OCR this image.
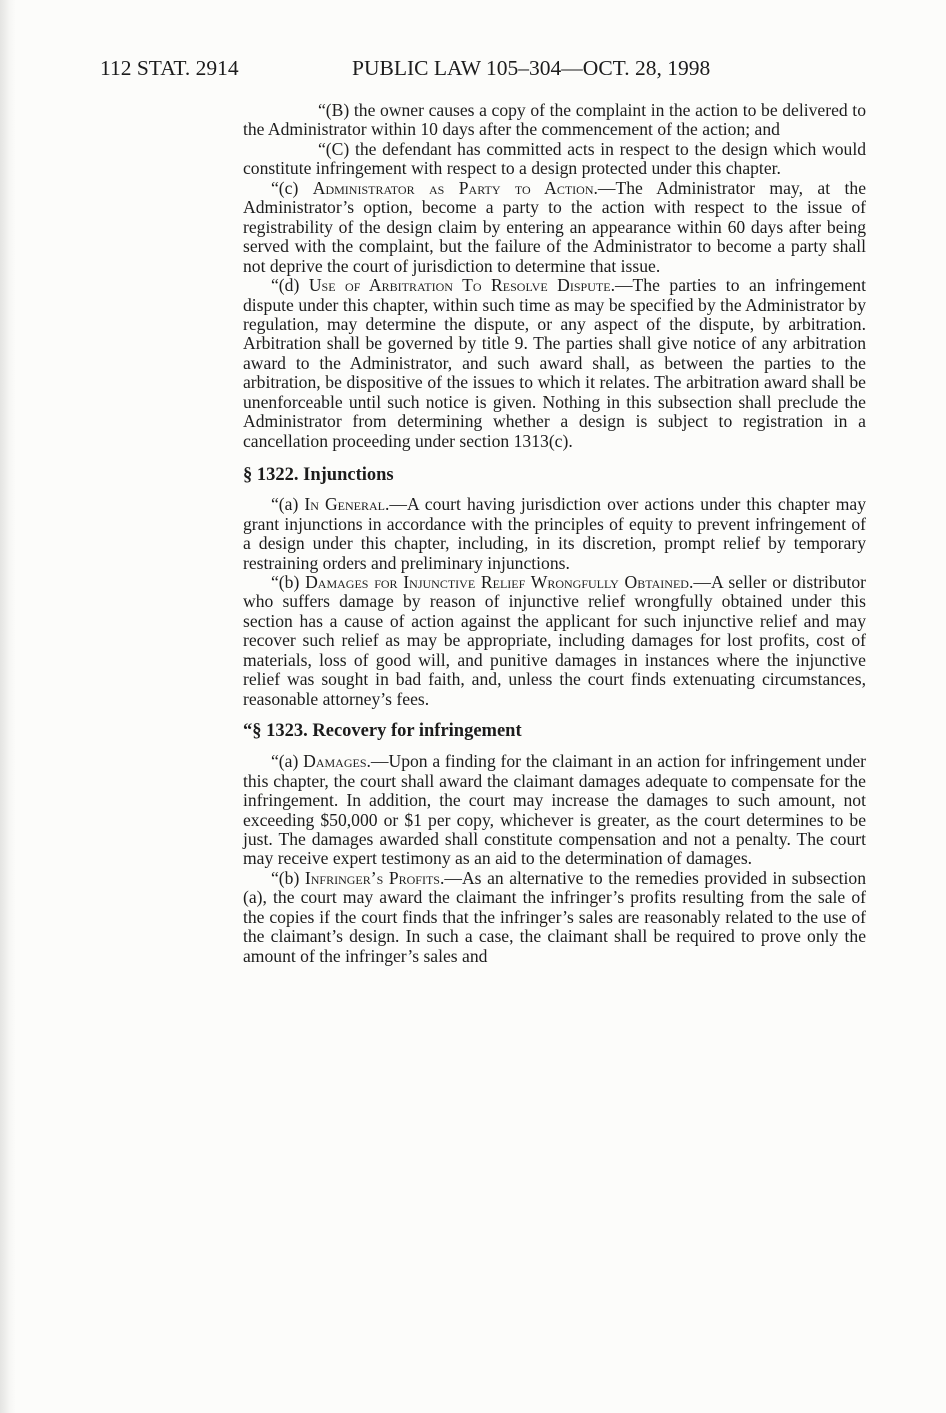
112 STAT. 2914	PUBLIC LAW 105–304—OCT. 28, 1998

“(B) the owner causes a copy of the complaint in the action to be delivered to the Administrator within 10 days after the commencement of the action; and

“(C) the defendant has committed acts in respect to the design which would constitute infringement with respect to a design protected under this chapter.

“(c) Administrator as Party to Action.—The Administrator may, at the Administrator’s option, become a party to the action with respect to the issue of registrability of the design claim by entering an appearance within 60 days after being served with the complaint, but the failure of the Administrator to become a party shall not deprive the court of jurisdiction to determine that issue.

“(d) Use of Arbitration To Resolve Dispute.—The parties to an infringement dispute under this chapter, within such time as may be specified by the Administrator by regulation, may determine the dispute, or any aspect of the dispute, by arbitration. Arbitration shall be governed by title 9. The parties shall give notice of any arbitration award to the Administrator, and such award shall, as between the parties to the arbitration, be dispositive of the issues to which it relates. The arbitration award shall be unenforceable until such notice is given. Nothing in this subsection shall preclude the Administrator from determining whether a design is subject to registration in a cancellation proceeding under section 1313(c).

§ 1322. Injunctions

“(a) In General.—A court having jurisdiction over actions under this chapter may grant injunctions in accordance with the principles of equity to prevent infringement of a design under this chapter, including, in its discretion, prompt relief by temporary restraining orders and preliminary injunctions.

“(b) Damages for Injunctive Relief Wrongfully Obtained.—A seller or distributor who suffers damage by reason of injunctive relief wrongfully obtained under this section has a cause of action against the applicant for such injunctive relief and may recover such relief as may be appropriate, including damages for lost profits, cost of materials, loss of good will, and punitive damages in instances where the injunctive relief was sought in bad faith, and, unless the court finds extenuating circumstances, reasonable attorney’s fees.

“§ 1323. Recovery for infringement

“(a) Damages.—Upon a finding for the claimant in an action for infringement under this chapter, the court shall award the claimant damages adequate to compensate for the infringement. In addition, the court may increase the damages to such amount, not exceeding $50,000 or $1 per copy, whichever is greater, as the court determines to be just. The damages awarded shall constitute compensation and not a penalty. The court may receive expert testimony as an aid to the determination of damages.

“(b) Infringer’s Profits.—As an alternative to the remedies provided in subsection (a), the court may award the claimant the infringer’s profits resulting from the sale of the copies if the court finds that the infringer’s sales are reasonably related to the use of the claimant’s design. In such a case, the claimant shall be required to prove only the amount of the infringer’s sales and
